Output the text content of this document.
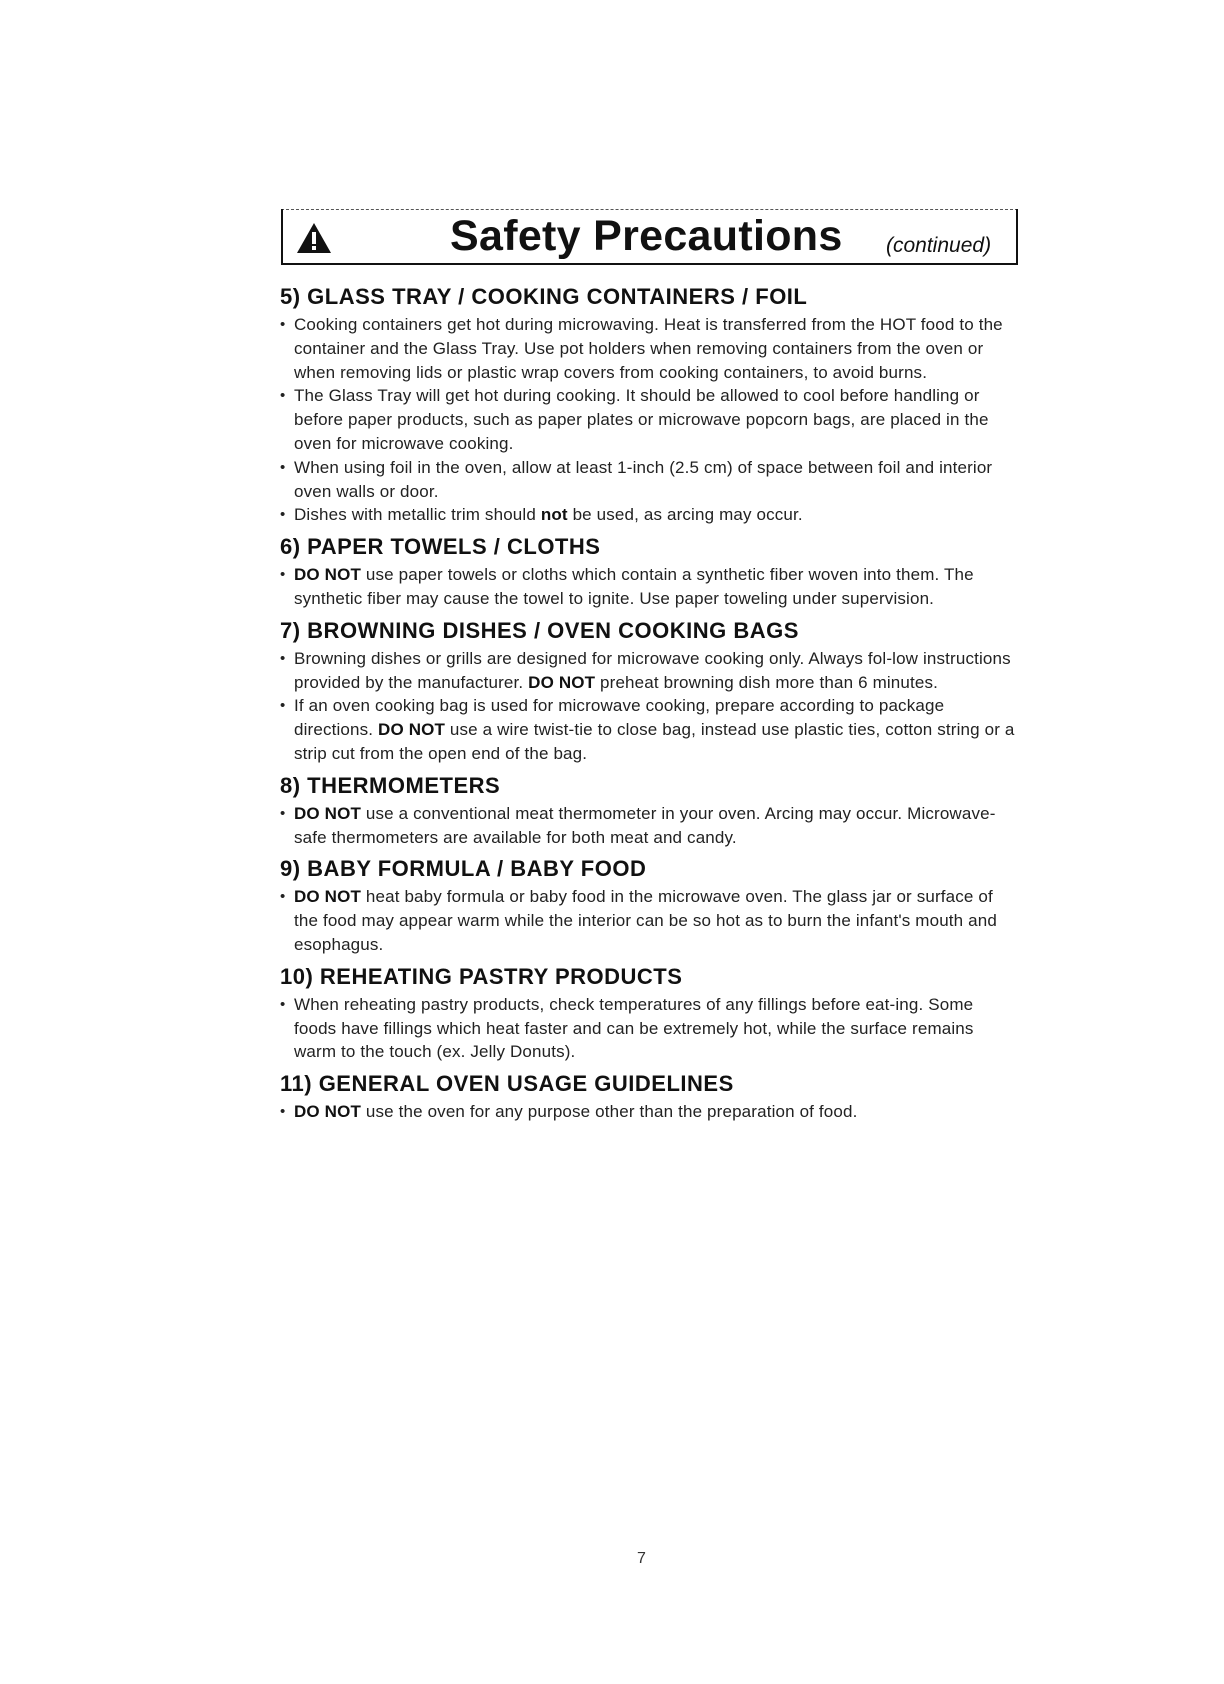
Safety Precautions (continued)
5) GLASS TRAY / COOKING CONTAINERS / FOIL
• Cooking containers get hot during microwaving. Heat is transferred from the HOT food to the container and the Glass Tray. Use pot holders when removing containers from the oven or when removing lids or plastic wrap covers from cooking containers, to avoid burns.
• The Glass Tray will get hot during cooking. It should be allowed to cool before handling or before paper products, such as paper plates or microwave popcorn bags, are placed in the oven for microwave cooking.
• When using foil in the oven, allow at least 1-inch (2.5 cm) of space between foil and interior oven walls or door.
• Dishes with metallic trim should not be used, as arcing may occur.
6) PAPER TOWELS / CLOTHS
• DO NOT use paper towels or cloths which contain a synthetic fiber woven into them. The synthetic fiber may cause the towel to ignite. Use paper toweling under supervision.
7) BROWNING DISHES / OVEN COOKING BAGS
• Browning dishes or grills are designed for microwave cooking only. Always fol-low instructions provided by the manufacturer. DO NOT preheat browning dish more than 6 minutes.
• If an oven cooking bag is used for microwave cooking, prepare according to package directions. DO NOT use a wire twist-tie to close bag, instead use plastic ties, cotton string or a strip cut from the open end of the bag.
8) THERMOMETERS
• DO NOT use a conventional meat thermometer in your oven. Arcing may occur. Microwave-safe thermometers are available for both meat and candy.
9) BABY FORMULA / BABY FOOD
• DO NOT heat baby formula or baby food in the microwave oven. The glass jar or surface of the food may appear warm while the interior can be so hot as to burn the infant's mouth and esophagus.
10) REHEATING PASTRY PRODUCTS
• When reheating pastry products, check temperatures of any fillings before eat-ing. Some foods have fillings which heat faster and can be extremely hot, while the surface remains warm to the touch (ex. Jelly Donuts).
11) GENERAL OVEN USAGE GUIDELINES
• DO NOT use the oven for any purpose other than the preparation of food.
7
